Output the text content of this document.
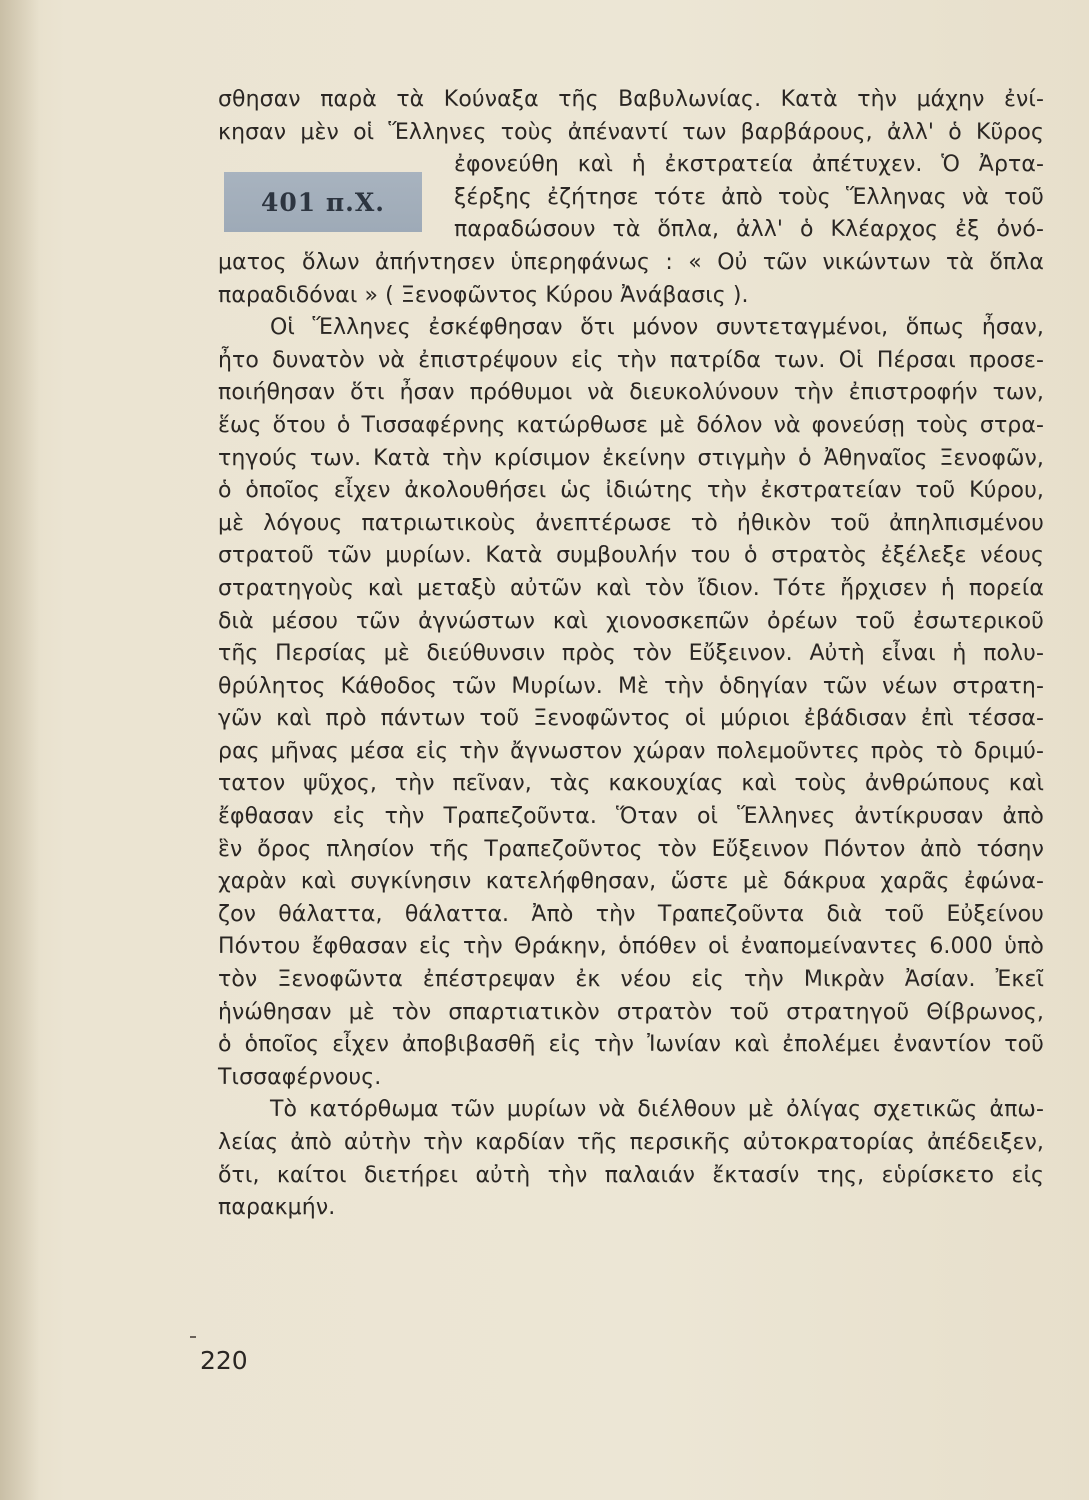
401 π.Χ.
σθησαν παρὰ τὰ Κούναξα τῆς Βαβυλωνίας. Κατὰ τὴν μάχην ἐνί-
κησαν μὲν οἱ Ἕλληνες τοὺς ἀπέναντί των βαρβάρους, ἀλλ' ὁ Κῦρος
ἐφονεύθη καὶ ἡ ἐκστρατεία ἀπέτυχεν. Ὁ Ἀρτα-
ξέρξης ἐζήτησε τότε ἀπὸ τοὺς Ἕλληνας νὰ τοῦ
παραδώσουν τὰ ὅπλα, ἀλλ' ὁ Κλέαρχος ἐξ ὀνό-
ματος ὅλων ἀπήντησεν ὑπερηφάνως : « Οὐ τῶν νικώντων τὰ ὅπλα
παραδιδόναι » ( Ξενοφῶντος Κύρου Ἀνάβασις ).
Οἱ Ἕλληνες ἐσκέφθησαν ὅτι μόνον συντεταγμένοι, ὅπως ἦσαν,
ἦτο δυνατὸν νὰ ἐπιστρέψουν εἰς τὴν πατρίδα των. Οἱ Πέρσαι προσε-
ποιήθησαν ὅτι ἦσαν πρόθυμοι νὰ διευκολύνουν τὴν ἐπιστροφήν των,
ἕως ὅτου ὁ Τισσαφέρνης κατώρθωσε μὲ δόλον νὰ φονεύσῃ τοὺς στρα-
τηγούς των. Κατὰ τὴν κρίσιμον ἐκείνην στιγμὴν ὁ Ἀθηναῖος Ξενοφῶν,
ὁ ὁποῖος εἶχεν ἀκολουθήσει ὡς ἰδιώτης τὴν ἐκστρατείαν τοῦ Κύρου,
μὲ λόγους πατριωτικοὺς ἀνεπτέρωσε τὸ ἠθικὸν τοῦ ἀπηλπισμένου
στρατοῦ τῶν μυρίων. Κατὰ συμβουλήν του ὁ στρατὸς ἐξέλεξε νέους
στρατηγοὺς καὶ μεταξὺ αὐτῶν καὶ τὸν ἴδιον. Τότε ἤρχισεν ἡ πορεία
διὰ μέσου τῶν ἀγνώστων καὶ χιονοσκεπῶν ὀρέων τοῦ ἐσωτερικοῦ
τῆς Περσίας μὲ διεύθυνσιν πρὸς τὸν Εὔξεινον. Αὐτὴ εἶναι ἡ πολυ-
θρύλητος Κάθοδος τῶν Μυρίων. Μὲ τὴν ὁδηγίαν τῶν νέων στρατη-
γῶν καὶ πρὸ πάντων τοῦ Ξενοφῶντος οἱ μύριοι ἐβάδισαν ἐπὶ τέσσα-
ρας μῆνας μέσα εἰς τὴν ἄγνωστον χώραν πολεμοῦντες πρὸς τὸ δριμύ-
τατον ψῦχος, τὴν πεῖναν, τὰς κακουχίας καὶ τοὺς ἀνθρώπους καὶ
ἔφθασαν εἰς τὴν Τραπεζοῦντα. Ὅταν οἱ Ἕλληνες ἀντίκρυσαν ἀπὸ
ἓν ὄρος πλησίον τῆς Τραπεζοῦντος τὸν Εὔξεινον Πόντον ἀπὸ τόσην
χαρὰν καὶ συγκίνησιν κατελήφθησαν, ὥστε μὲ δάκρυα χαρᾶς ἐφώνα-
ζον θάλαττα, θάλαττα. Ἀπὸ τὴν Τραπεζοῦντα διὰ τοῦ Εὐξείνου
Πόντου ἔφθασαν εἰς τὴν Θράκην, ὁπόθεν οἱ ἐναπομείναντες 6.000 ὑπὸ
τὸν Ξενοφῶντα ἐπέστρεψαν ἐκ νέου εἰς τὴν Μικρὰν Ἀσίαν. Ἐκεῖ
ἡνώθησαν μὲ τὸν σπαρτιατικὸν στρατὸν τοῦ στρατηγοῦ Θίβρωνος,
ὁ ὁποῖος εἶχεν ἀποβιβασθῆ εἰς τὴν Ἰωνίαν καὶ ἐπολέμει ἐναντίον τοῦ
Τισσαφέρνους.
Τὸ κατόρθωμα τῶν μυρίων νὰ διέλθουν μὲ ὀλίγας σχετικῶς ἀπω-
λείας ἀπὸ αὐτὴν τὴν καρδίαν τῆς περσικῆς αὐτοκρατορίας ἀπέδειξεν,
ὅτι, καίτοι διετήρει αὐτὴ τὴν παλαιάν ἔκτασίν της, εὑρίσκετο εἰς
παρακμήν.
220
